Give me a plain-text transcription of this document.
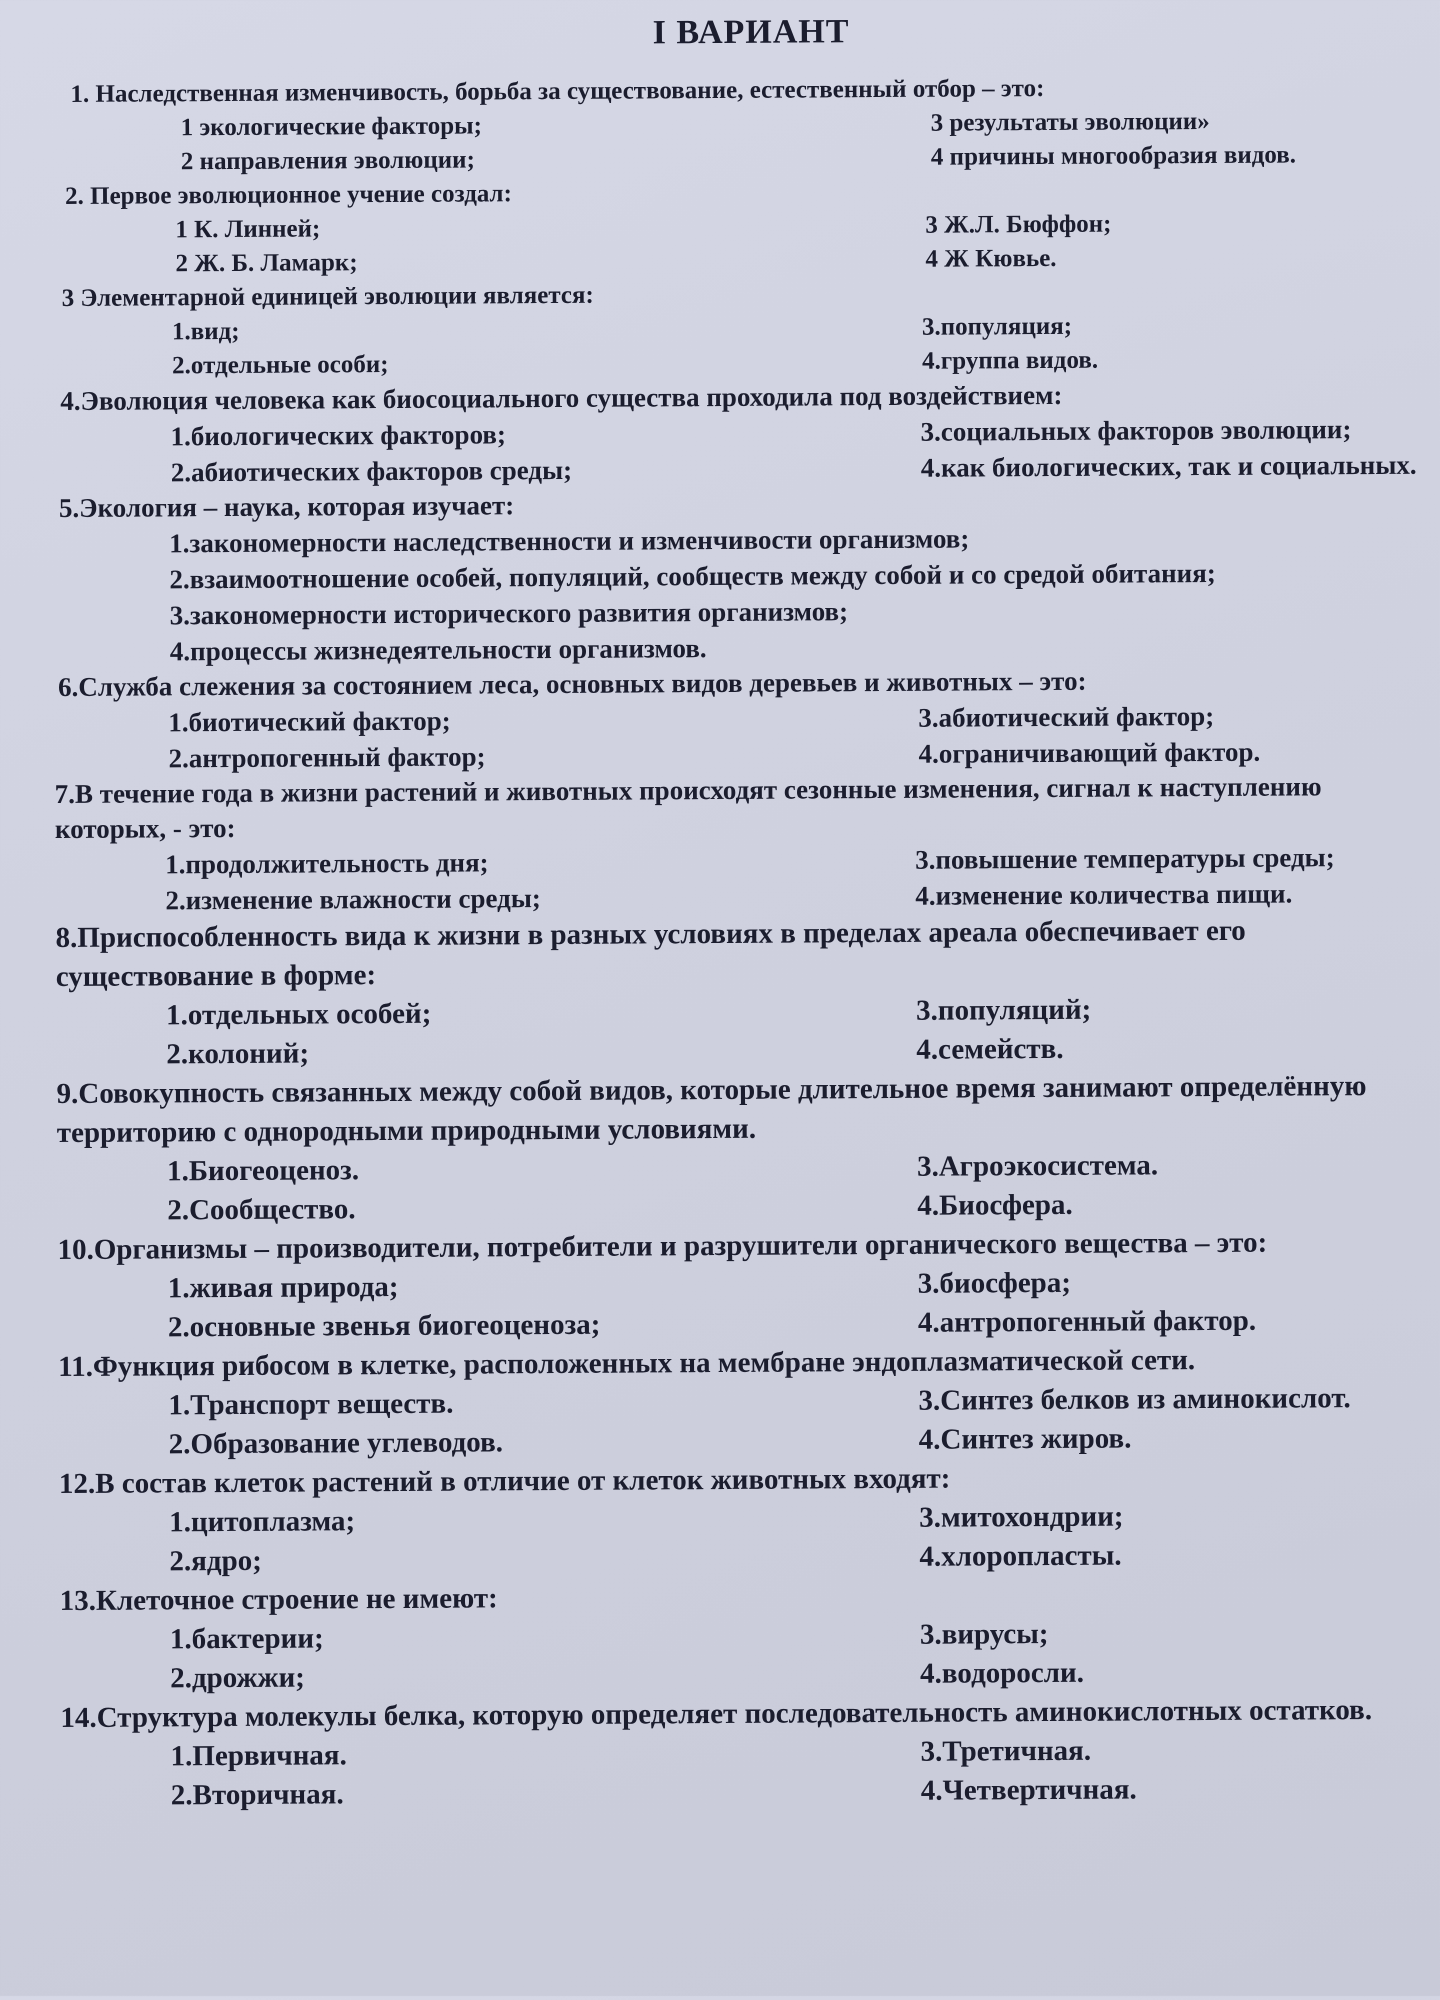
I ВАРИАНТ

1. Наследственная изменчивость, борьба за существование, естественный отбор – это:

1 экологические факторы;	3 результаты эволюции»
2 направления эволюции;	4 причины многообразия видов.

2. Первое эволюционное учение создал:

1 К. Линней;	3 Ж.Л. Бюффон;
2 Ж. Б. Ламарк;	4 Ж Кювье.

3 Элементарной единицей эволюции является:

1.вид;	3.популяция;
2.отдельные особи;	4.группа видов.

4.Эволюция человека как биосоциального существа проходила под воздействием:

1.биологических факторов;	3.социальных факторов эволюции;
2.абиотических факторов среды;	4.как биологических, так и социальных.

5.Экология – наука, которая изучает:

1.закономерности наследственности и изменчивости организмов;
2.взаимоотношение особей, популяций, сообществ между собой и со средой обитания;
3.закономерности исторического развития организмов;
4.процессы жизнедеятельности организмов.

6.Служба слежения за состоянием леса, основных видов деревьев и животных – это:

1.биотический фактор;	3.абиотический фактор;
2.антропогенный фактор;	4.ограничивающий фактор.

7.В течение года в жизни растений и животных происходят сезонные изменения, сигнал к наступлению которых, - это:

1.продолжительность дня;	3.повышение температуры среды;
2.изменение влажности среды;	4.изменение количества пищи.

8.Приспособленность вида к жизни в разных условиях в пределах ареала обеспечивает его существование в форме:

1.отдельных особей;	3.популяций;
2.колоний;	4.семейств.

9.Совокупность связанных между собой видов, которые длительное время занимают определённую территорию с однородными природными условиями.

1.Биогеоценоз.	3.Агроэкосистема.
2.Сообщество.	4.Биосфера.

10.Организмы – производители, потребители и разрушители органического вещества – это:

1.живая природа;	3.биосфера;
2.основные звенья биогеоценоза;	4.антропогенный фактор.

11.Функция рибосом в клетке, расположенных на мембране эндоплазматической сети.

1.Транспорт веществ.	3.Синтез белков из аминокислот.
2.Образование углеводов.	4.Синтез жиров.

12.В состав клеток растений в отличие от клеток животных входят:

1.цитоплазма;	3.митохондрии;
2.ядро;	4.хлоропласты.

13.Клеточное строение не имеют:

1.бактерии;	3.вирусы;
2.дрожжи;	4.водоросли.

14.Структура молекулы белка, которую определяет последовательность аминокислотных остатков.

1.Первичная.	3.Третичная.
2.Вторичная.	4.Четвертичная.
